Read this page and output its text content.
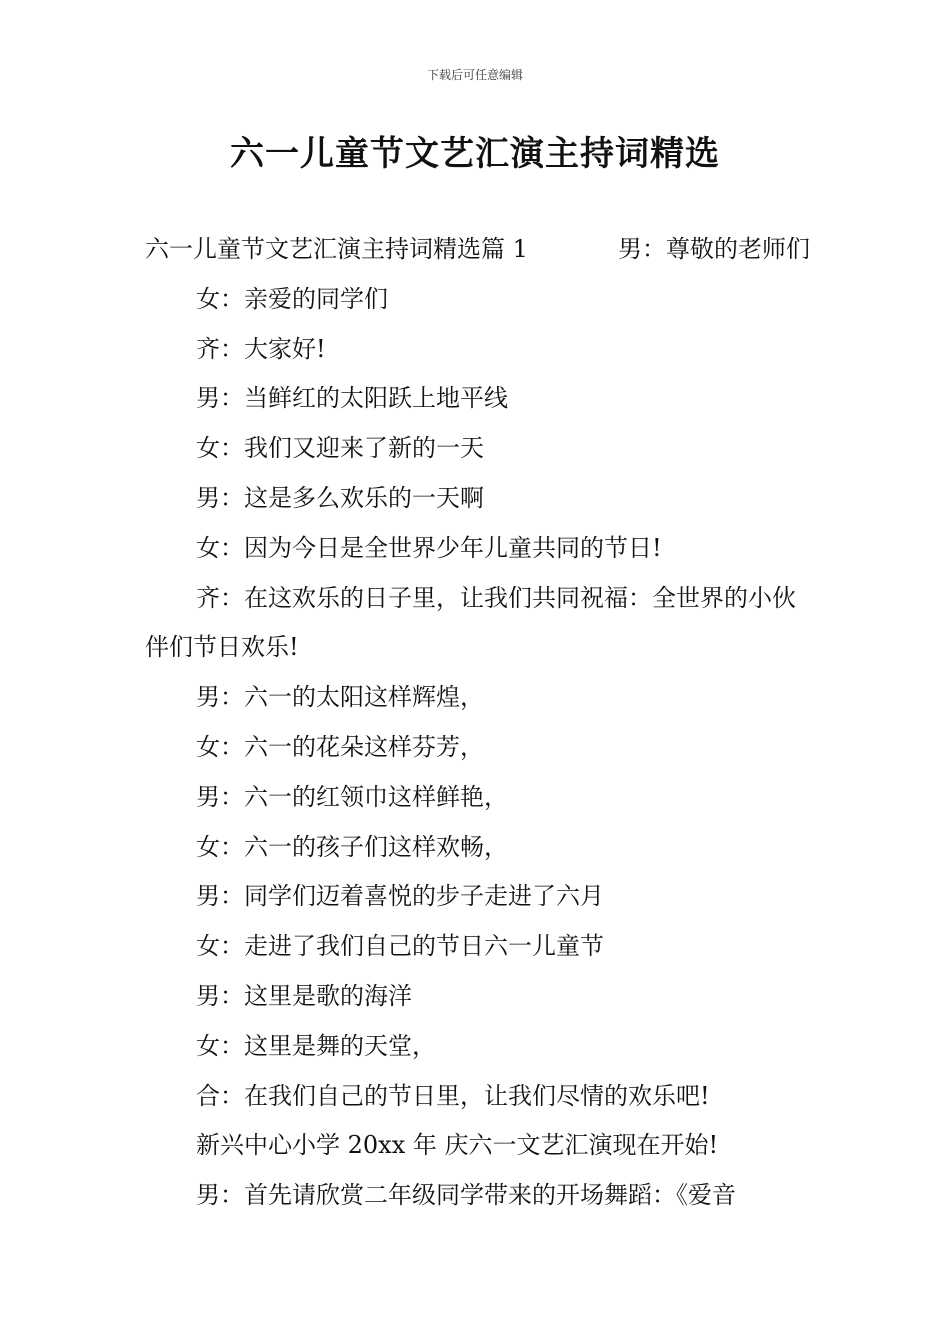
下载后可任意编辑
六一儿童节文艺汇演主持词精选
六一儿童节文艺汇演主持词精选篇 1	男：尊敬的老师们
女：亲爱的同学们
齐：大家好!
男：当鲜红的太阳跃上地平线
女：我们又迎来了新的一天
男：这是多么欢乐的一天啊
女：因为今日是全世界少年儿童共同的节日!
齐：在这欢乐的日子里，让我们共同祝福：全世界的小伙伴们节日欢乐!
男：六一的太阳这样辉煌，
女：六一的花朵这样芬芳，
男：六一的红领巾这样鲜艳，
女：六一的孩子们这样欢畅，
男：同学们迈着喜悦的步子走进了六月
女：走进了我们自己的节日六一儿童节
男：这里是歌的海洋
女：这里是舞的天堂，
合：在我们自己的节日里，让我们尽情的欢乐吧!
新兴中心小学 20xx 年 庆六一文艺汇演现在开始!
男：首先请欣赏二年级同学带来的开场舞蹈：《爱音
